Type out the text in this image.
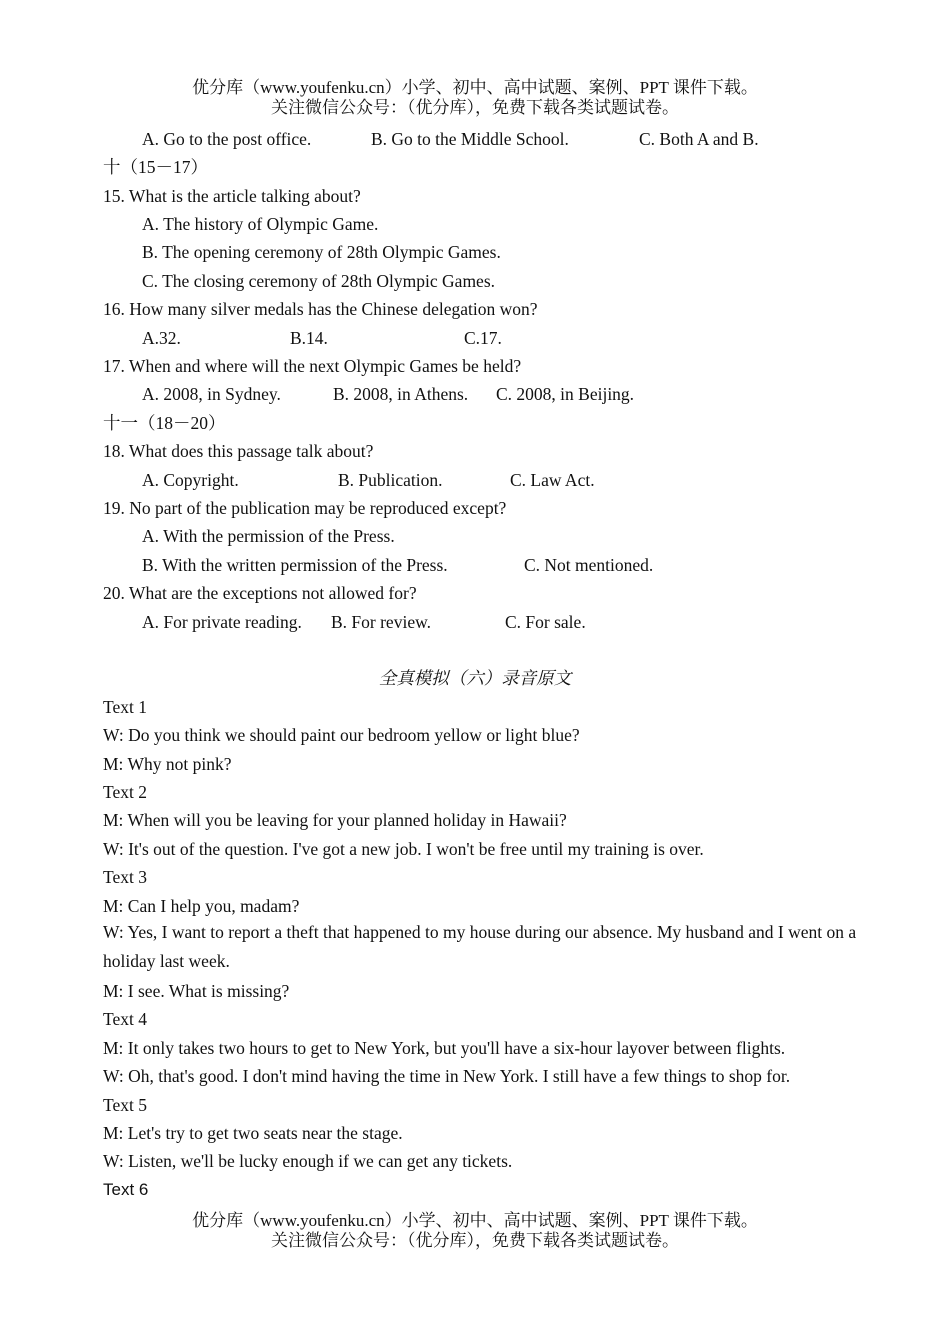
优分库（www.youfenku.cn）小学、初中、高中试题、案例、PPT 课件下载。
关注微信公众号：（优分库），免费下载各类试题试卷。
A. Go to the post office.	B. Go to the Middle School.	C. Both A and B.
十（15－17）
15. What is the article talking about?
A. The history of Olympic Game.
B. The opening ceremony of 28th Olympic Games.
C. The closing ceremony of 28th Olympic Games.
16. How many silver medals has the Chinese delegation won?
A.32.	B.14.	C.17.
17. When and where will the next Olympic Games be held?
A. 2008, in Sydney.	B. 2008, in Athens. C. 2008, in Beijing.
十一（18－20）
18. What does this passage talk about?
A. Copyright.	B. Publication.	C. Law Act.
19. No part of the publication may be reproduced except?
A. With the permission of the Press.
B. With the written permission of the Press.	C. Not mentioned.
20. What are the exceptions not allowed for?
A. For private reading. B. For review.	C. For sale.
全真模拟（六）录音原文
Text 1
W: Do you think we should paint our bedroom yellow or light blue?
M: Why not pink?
Text 2
M: When will you be leaving for your planned holiday in Hawaii?
W: It's out of the question. I've got a new job. I won't be free until my training is over.
Text 3
M: Can I help you, madam?
W: Yes, I want to report a theft that happened to my house during our absence. My husband and I went on a holiday last week.
M: I see. What is missing?
Text 4
M: It only takes two hours to get to New York, but you'll have a six-hour layover between flights.
W: Oh, that's good. I don't mind having the time in New York. I still have a few things to shop for.
Text 5
M: Let's try to get two seats near the stage.
W: Listen, we'll be lucky enough if we can get any tickets.
Text 6
优分库（www.youfenku.cn）小学、初中、高中试题、案例、PPT 课件下载。
关注微信公众号：（优分库），免费下载各类试题试卷。
